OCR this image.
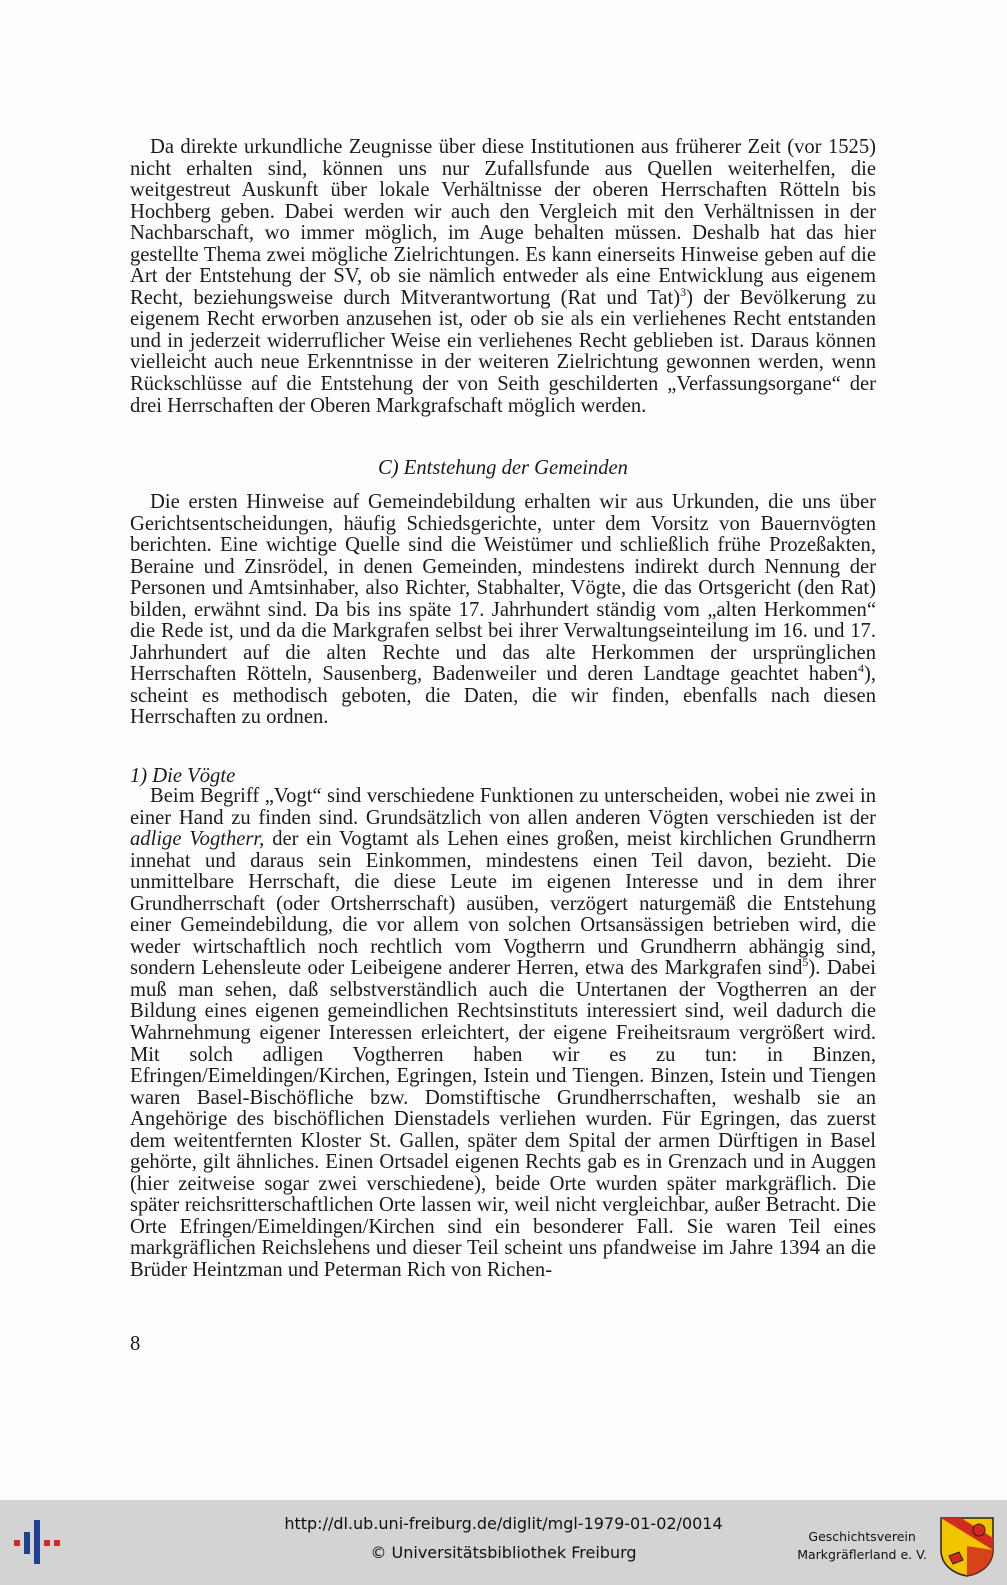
Da direkte urkundliche Zeugnisse über diese Institutionen aus früherer Zeit (vor 1525) nicht erhalten sind, können uns nur Zufallsfunde aus Quellen weiterhelfen, die weitgestreut Auskunft über lokale Verhältnisse der oberen Herrschaften Rötteln bis Hochberg geben. Dabei werden wir auch den Vergleich mit den Verhältnissen in der Nachbarschaft, wo immer möglich, im Auge behalten müssen. Deshalb hat das hier gestellte Thema zwei mögliche Zielrichtungen. Es kann einerseits Hinweise geben auf die Art der Entstehung der SV, ob sie nämlich entweder als eine Entwicklung aus eigenem Recht, beziehungsweise durch Mitverantwortung (Rat und Tat)$^3$) der Bevölkerung zu eigenem Recht erworben anzusehen ist, oder ob sie als ein verliehenes Recht entstanden und in jederzeit widerruflicher Weise ein verliehenes Recht geblieben ist. Daraus können vielleicht auch neue Erkenntnisse in der weiteren Zielrichtung gewonnen werden, wenn Rückschlüsse auf die Entstehung der von Seith geschilderten „Verfassungsorgane“ der drei Herrschaften der Oberen Markgrafschaft möglich werden.

C) Entstehung der Gemeinden

Die ersten Hinweise auf Gemeindebildung erhalten wir aus Urkunden, die uns über Gerichtsentscheidungen, häufig Schiedsgerichte, unter dem Vorsitz von Bauernvögten berichten. Eine wichtige Quelle sind die Weistümer und schließlich frühe Prozeßakten, Beraine und Zinsrödel, in denen Gemeinden, mindestens indirekt durch Nennung der Personen und Amtsinhaber, also Richter, Stabhalter, Vögte, die das Ortsgericht (den Rat) bilden, erwähnt sind. Da bis ins späte 17. Jahrhundert ständig vom „alten Herkommen“ die Rede ist, und da die Markgrafen selbst bei ihrer Verwaltungseinteilung im 16. und 17. Jahrhundert auf die alten Rechte und das alte Herkommen der ursprünglichen Herrschaften Rötteln, Sausenberg, Badenweiler und deren Landtage geachtet haben$^4$), scheint es methodisch geboten, die Daten, die wir finden, ebenfalls nach diesen Herrschaften zu ordnen.

1) Die Vögte

Beim Begriff „Vogt“ sind verschiedene Funktionen zu unterscheiden, wobei nie zwei in einer Hand zu finden sind. Grundsätzlich von allen anderen Vögten verschieden ist der adlige Vogtherr, der ein Vogtamt als Lehen eines großen, meist kirchlichen Grundherrn innehat und daraus sein Einkommen, mindestens einen Teil davon, bezieht. Die unmittelbare Herrschaft, die diese Leute im eigenen Interesse und in dem ihrer Grundherrschaft (oder Ortsherrschaft) ausüben, verzögert naturgemäß die Entstehung einer Gemeindebildung, die vor allem von solchen Ortsansässigen betrieben wird, die weder wirtschaftlich noch rechtlich vom Vogtherrn und Grundherrn abhängig sind, sondern Lehensleute oder Leibeigene anderer Herren, etwa des Markgrafen sind$^5$). Dabei muß man sehen, daß selbstverständlich auch die Untertanen der Vogtherren an der Bildung eines eigenen gemeindlichen Rechtsinstituts interessiert sind, weil dadurch die Wahrnehmung eigener Interessen erleichtert, der eigene Freiheitsraum vergrößert wird. Mit solch adligen Vogtherren haben wir es zu tun: in Binzen, Efringen/Eimeldingen/Kirchen, Egringen, Istein und Tiengen. Binzen, Istein und Tiengen waren Basel-Bischöfliche bzw. Domstiftische Grundherrschaften, weshalb sie an Angehörige des bischöflichen Dienstadels verliehen wurden. Für Egringen, das zuerst dem weitentfernten Kloster St. Gallen, später dem Spital der armen Dürftigen in Basel gehörte, gilt ähnliches. Einen Ortsadel eigenen Rechts gab es in Grenzach und in Auggen (hier zeitweise sogar zwei verschiedene), beide Orte wurden später markgräflich. Die später reichsritterschaftlichen Orte lassen wir, weil nicht vergleichbar, außer Betracht. Die Orte Efringen/Eimeldingen/Kirchen sind ein besonderer Fall. Sie waren Teil eines markgräflichen Reichslehens und dieser Teil scheint uns pfandweise im Jahre 1394 an die Brüder Heintzman und Peterman Rich von Richen-

8
http://dl.ub.uni-freiburg.de/diglit/mgl-1979-01-02/0014
© Universitätsbibliothek Freiburg
Geschichtsverein
Markgräflerland e. V.
